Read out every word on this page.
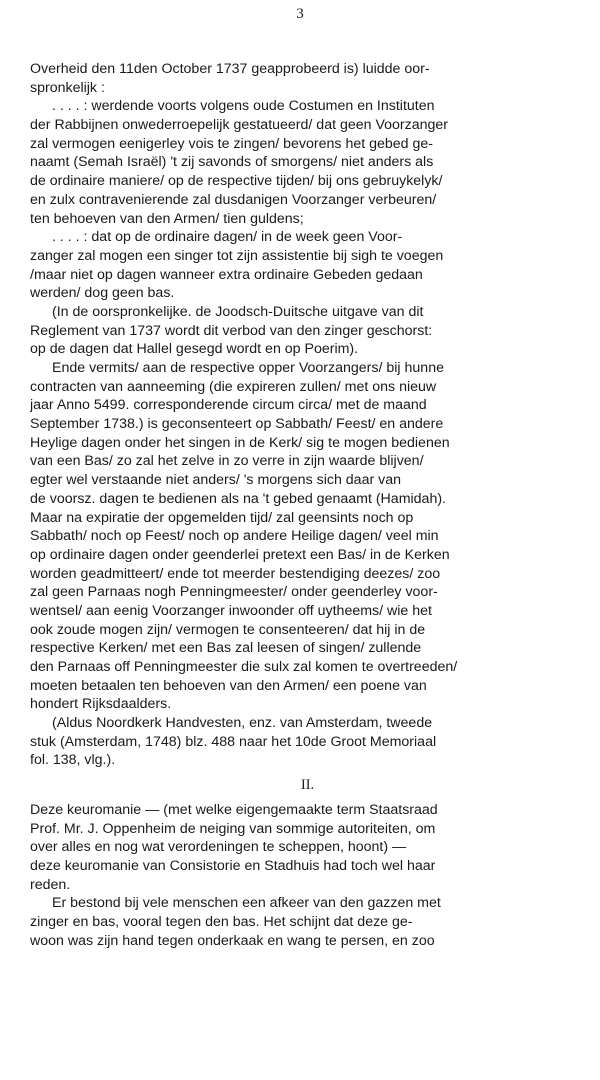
3
Overheid den 11den October 1737 geapprobeerd is) luidde oor-
spronkelijk :
. . . . : werdende voorts volgens oude Costumen en Instituten
der Rabbijnen onwederroepelijk gestatueerd/ dat geen Voorzanger
zal vermogen eenigerley vois te zingen/ bevorens het gebed ge-
naamt (Semah Israël) 't zij savonds of smorgens/ niet anders als
de ordinaire maniere/ op de respective tijden/ bij ons gebruykelyk/
en zulx contravenierende zal dusdanigen Voorzanger verbeuren/
ten behoeven van den Armen/ tien guldens;
. . . . : dat op de ordinaire dagen/ in de week geen Voor-
zanger zal mogen een singer tot zijn assistentie bij sigh te voegen
/maar niet op dagen wanneer extra ordinaire Gebeden gedaan
werden/ dog geen bas.
(In de oorspronkelijke. de Joodsch-Duitsche uitgave van dit
Reglement van 1737 wordt dit verbod van den zinger geschorst:
op de dagen dat Hallel gesegd wordt en op Poerim).
Ende vermits/ aan de respective opper Voorzangers/ bij hunne
contracten van aanneeming (die expireren zullen/ met ons nieuw
jaar Anno 5499. corresponderende circum circa/ met de maand
September 1738.) is geconsenteert op Sabbath/ Feest/ en andere
Heylige dagen onder het singen in de Kerk/ sig te mogen bedienen
van een Bas/ zo zal het zelve in zo verre in zijn waarde blijven/
egter wel verstaande niet anders/ 's morgens sich daar van
de voorsz. dagen te bedienen als na 't gebed genaamt (Hamidah).
Maar na expiratie der opgemelden tijd/ zal geensints noch op
Sabbath/ noch op Feest/ noch op andere Heilige dagen/ veel min
op ordinaire dagen onder geenderlei pretext een Bas/ in de Kerken
worden geadmitteert/ ende tot meerder bestendiging deezes/ zoo
zal geen Parnaas nogh Penningmeester/ onder geenderley voor-
wentsel/ aan eenig Voorzanger inwoonder off uytheems/ wie het
ook zoude mogen zijn/ vermogen te consenteeren/ dat hij in de
respective Kerken/ met een Bas zal leesen of singen/ zullende
den Parnaas off Penningmeester die sulx zal komen te overtreeden/
moeten betaalen ten behoeven van den Armen/ een poene van
hondert Rijksdaalders.
(Aldus Noordkerk Handvesten, enz. van Amsterdam, tweede
stuk (Amsterdam, 1748) blz. 488 naar het 10de Groot Memoriaal
fol. 138, vlg.).
II.
Deze keuromanie — (met welke eigengemaakte term Staatsraad
Prof. Mr. J. Oppenheim de neiging van sommige autoriteiten, om
over alles en nog wat verordeningen te scheppen, hoont) —
deze keuromanie van Consistorie en Stadhuis had toch wel haar
reden.
Er bestond bij vele menschen een afkeer van den gazzen met
zinger en bas, vooral tegen den bas. Het schijnt dat deze ge-
woon was zijn hand tegen onderkaak en wang te persen, en zoo
